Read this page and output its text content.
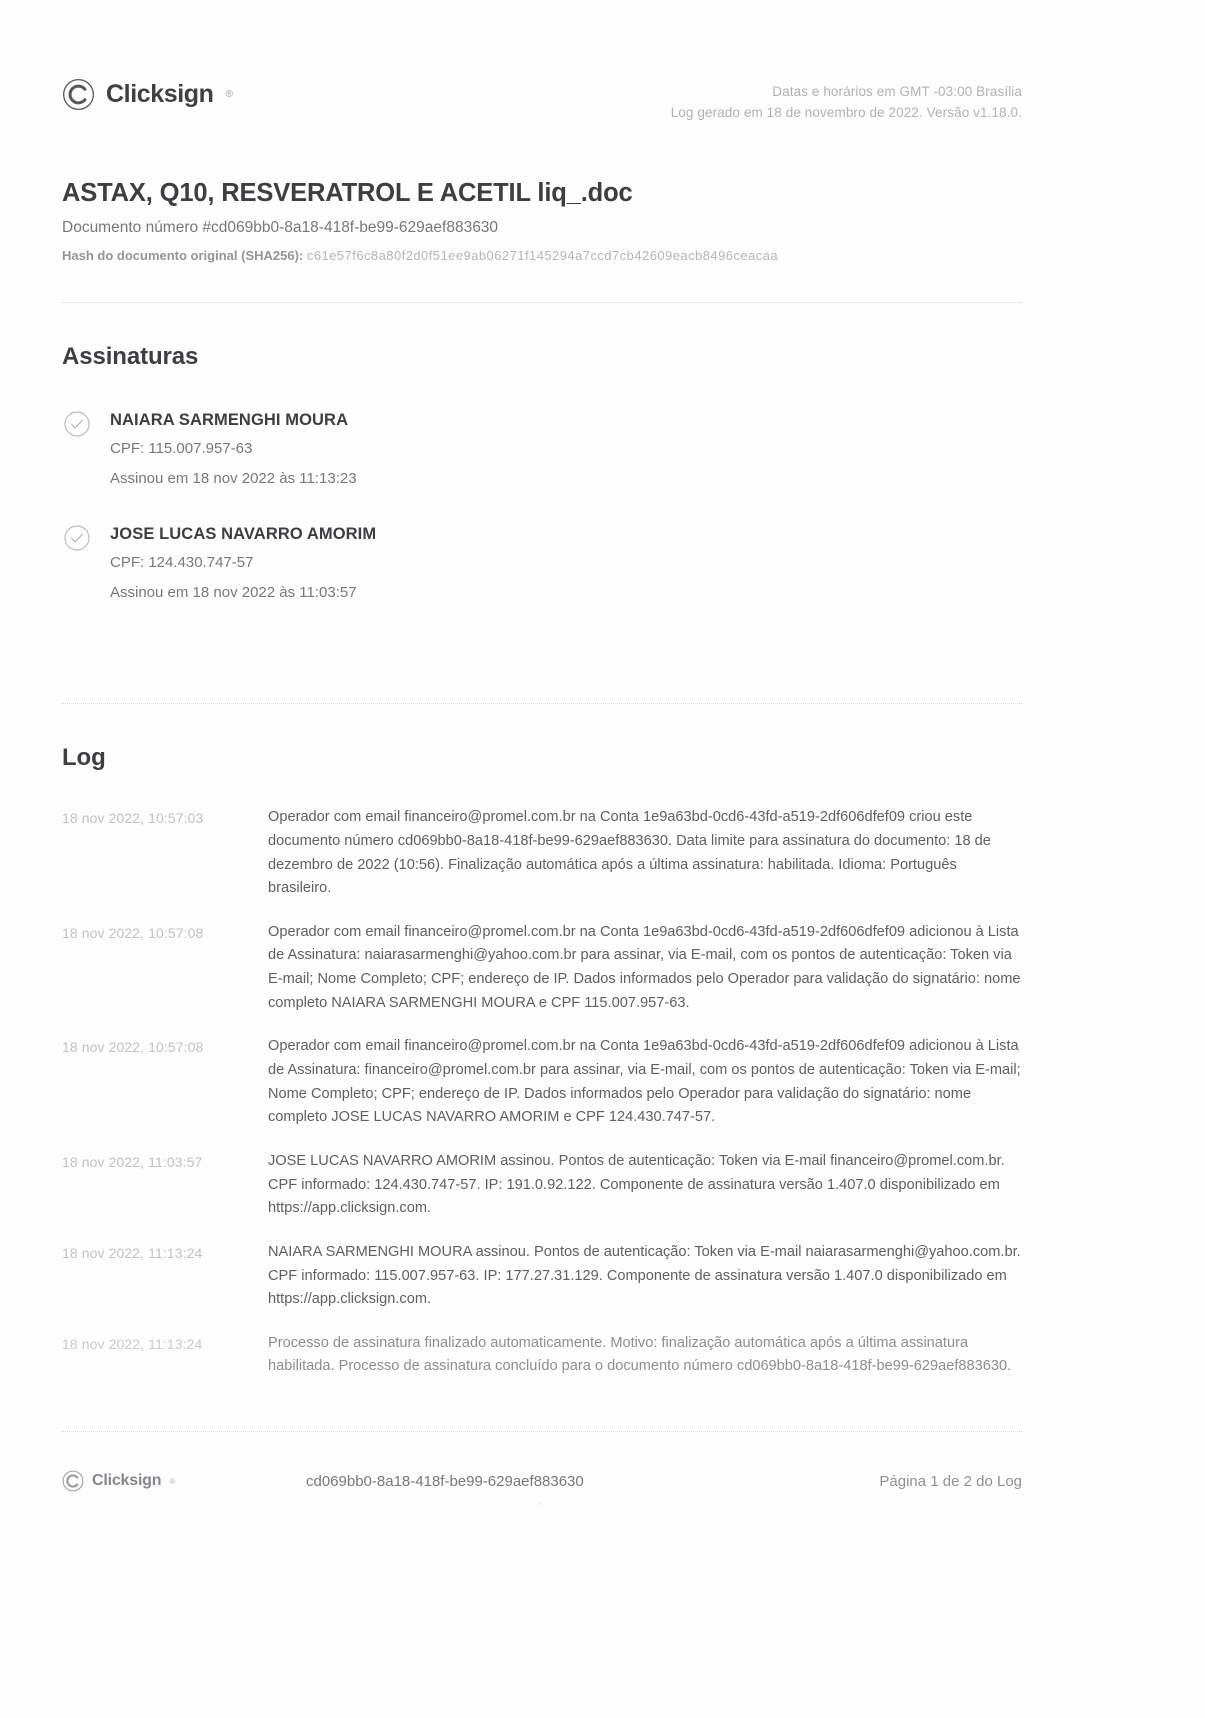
Clicksign ®	Datas e horários em GMT -03:00 Brasília
Log gerado em 18 de novembro de 2022. Versão v1.18.0.
ASTAX, Q10, RESVERATROL E ACETIL liq_.doc
Documento número #cd069bb0-8a18-418f-be99-629aef883630
Hash do documento original (SHA256): c61e57f6c8a80f2d0f51ee9ab06271f145294a7ccd7cb42609eacb8496ceacaa
Assinaturas
NAIARA SARMENGHI MOURA
CPF: 115.007.957-63
Assinou em 18 nov 2022 às 11:13:23
JOSE LUCAS NAVARRO AMORIM
CPF: 124.430.747-57
Assinou em 18 nov 2022 às 11:03:57
Log
18 nov 2022, 10:57:03	Operador com email financeiro@promel.com.br na Conta 1e9a63bd-0cd6-43fd-a519-2df606dfef09 criou este documento número cd069bb0-8a18-418f-be99-629aef883630. Data limite para assinatura do documento: 18 de dezembro de 2022 (10:56). Finalização automática após a última assinatura: habilitada. Idioma: Português brasileiro.
18 nov 2022, 10:57:08	Operador com email financeiro@promel.com.br na Conta 1e9a63bd-0cd6-43fd-a519-2df606dfef09 adicionou à Lista de Assinatura: naiarasarmenghi@yahoo.com.br para assinar, via E-mail, com os pontos de autenticação: Token via E-mail; Nome Completo; CPF; endereço de IP. Dados informados pelo Operador para validação do signatário: nome completo NAIARA SARMENGHI MOURA e CPF 115.007.957-63.
18 nov 2022, 10:57:08	Operador com email financeiro@promel.com.br na Conta 1e9a63bd-0cd6-43fd-a519-2df606dfef09 adicionou à Lista de Assinatura: financeiro@promel.com.br para assinar, via E-mail, com os pontos de autenticação: Token via E-mail; Nome Completo; CPF; endereço de IP. Dados informados pelo Operador para validação do signatário: nome completo JOSE LUCAS NAVARRO AMORIM e CPF 124.430.747-57.
18 nov 2022, 11:03:57	JOSE LUCAS NAVARRO AMORIM assinou. Pontos de autenticação: Token via E-mail financeiro@promel.com.br. CPF informado: 124.430.747-57. IP: 191.0.92.122. Componente de assinatura versão 1.407.0 disponibilizado em https://app.clicksign.com.
18 nov 2022, 11:13:24	NAIARA SARMENGHI MOURA assinou. Pontos de autenticação: Token via E-mail naiarasarmenghi@yahoo.com.br. CPF informado: 115.007.957-63. IP: 177.27.31.129. Componente de assinatura versão 1.407.0 disponibilizado em https://app.clicksign.com.
18 nov 2022, 11:13:24	Processo de assinatura finalizado automaticamente. Motivo: finalização automática após a última assinatura habilitada. Processo de assinatura concluído para o documento número cd069bb0-8a18-418f-be99-629aef883630.
Clicksign ®	cd069bb0-8a18-418f-be99-629aef883630	Página 1 de 2 do Log
·
